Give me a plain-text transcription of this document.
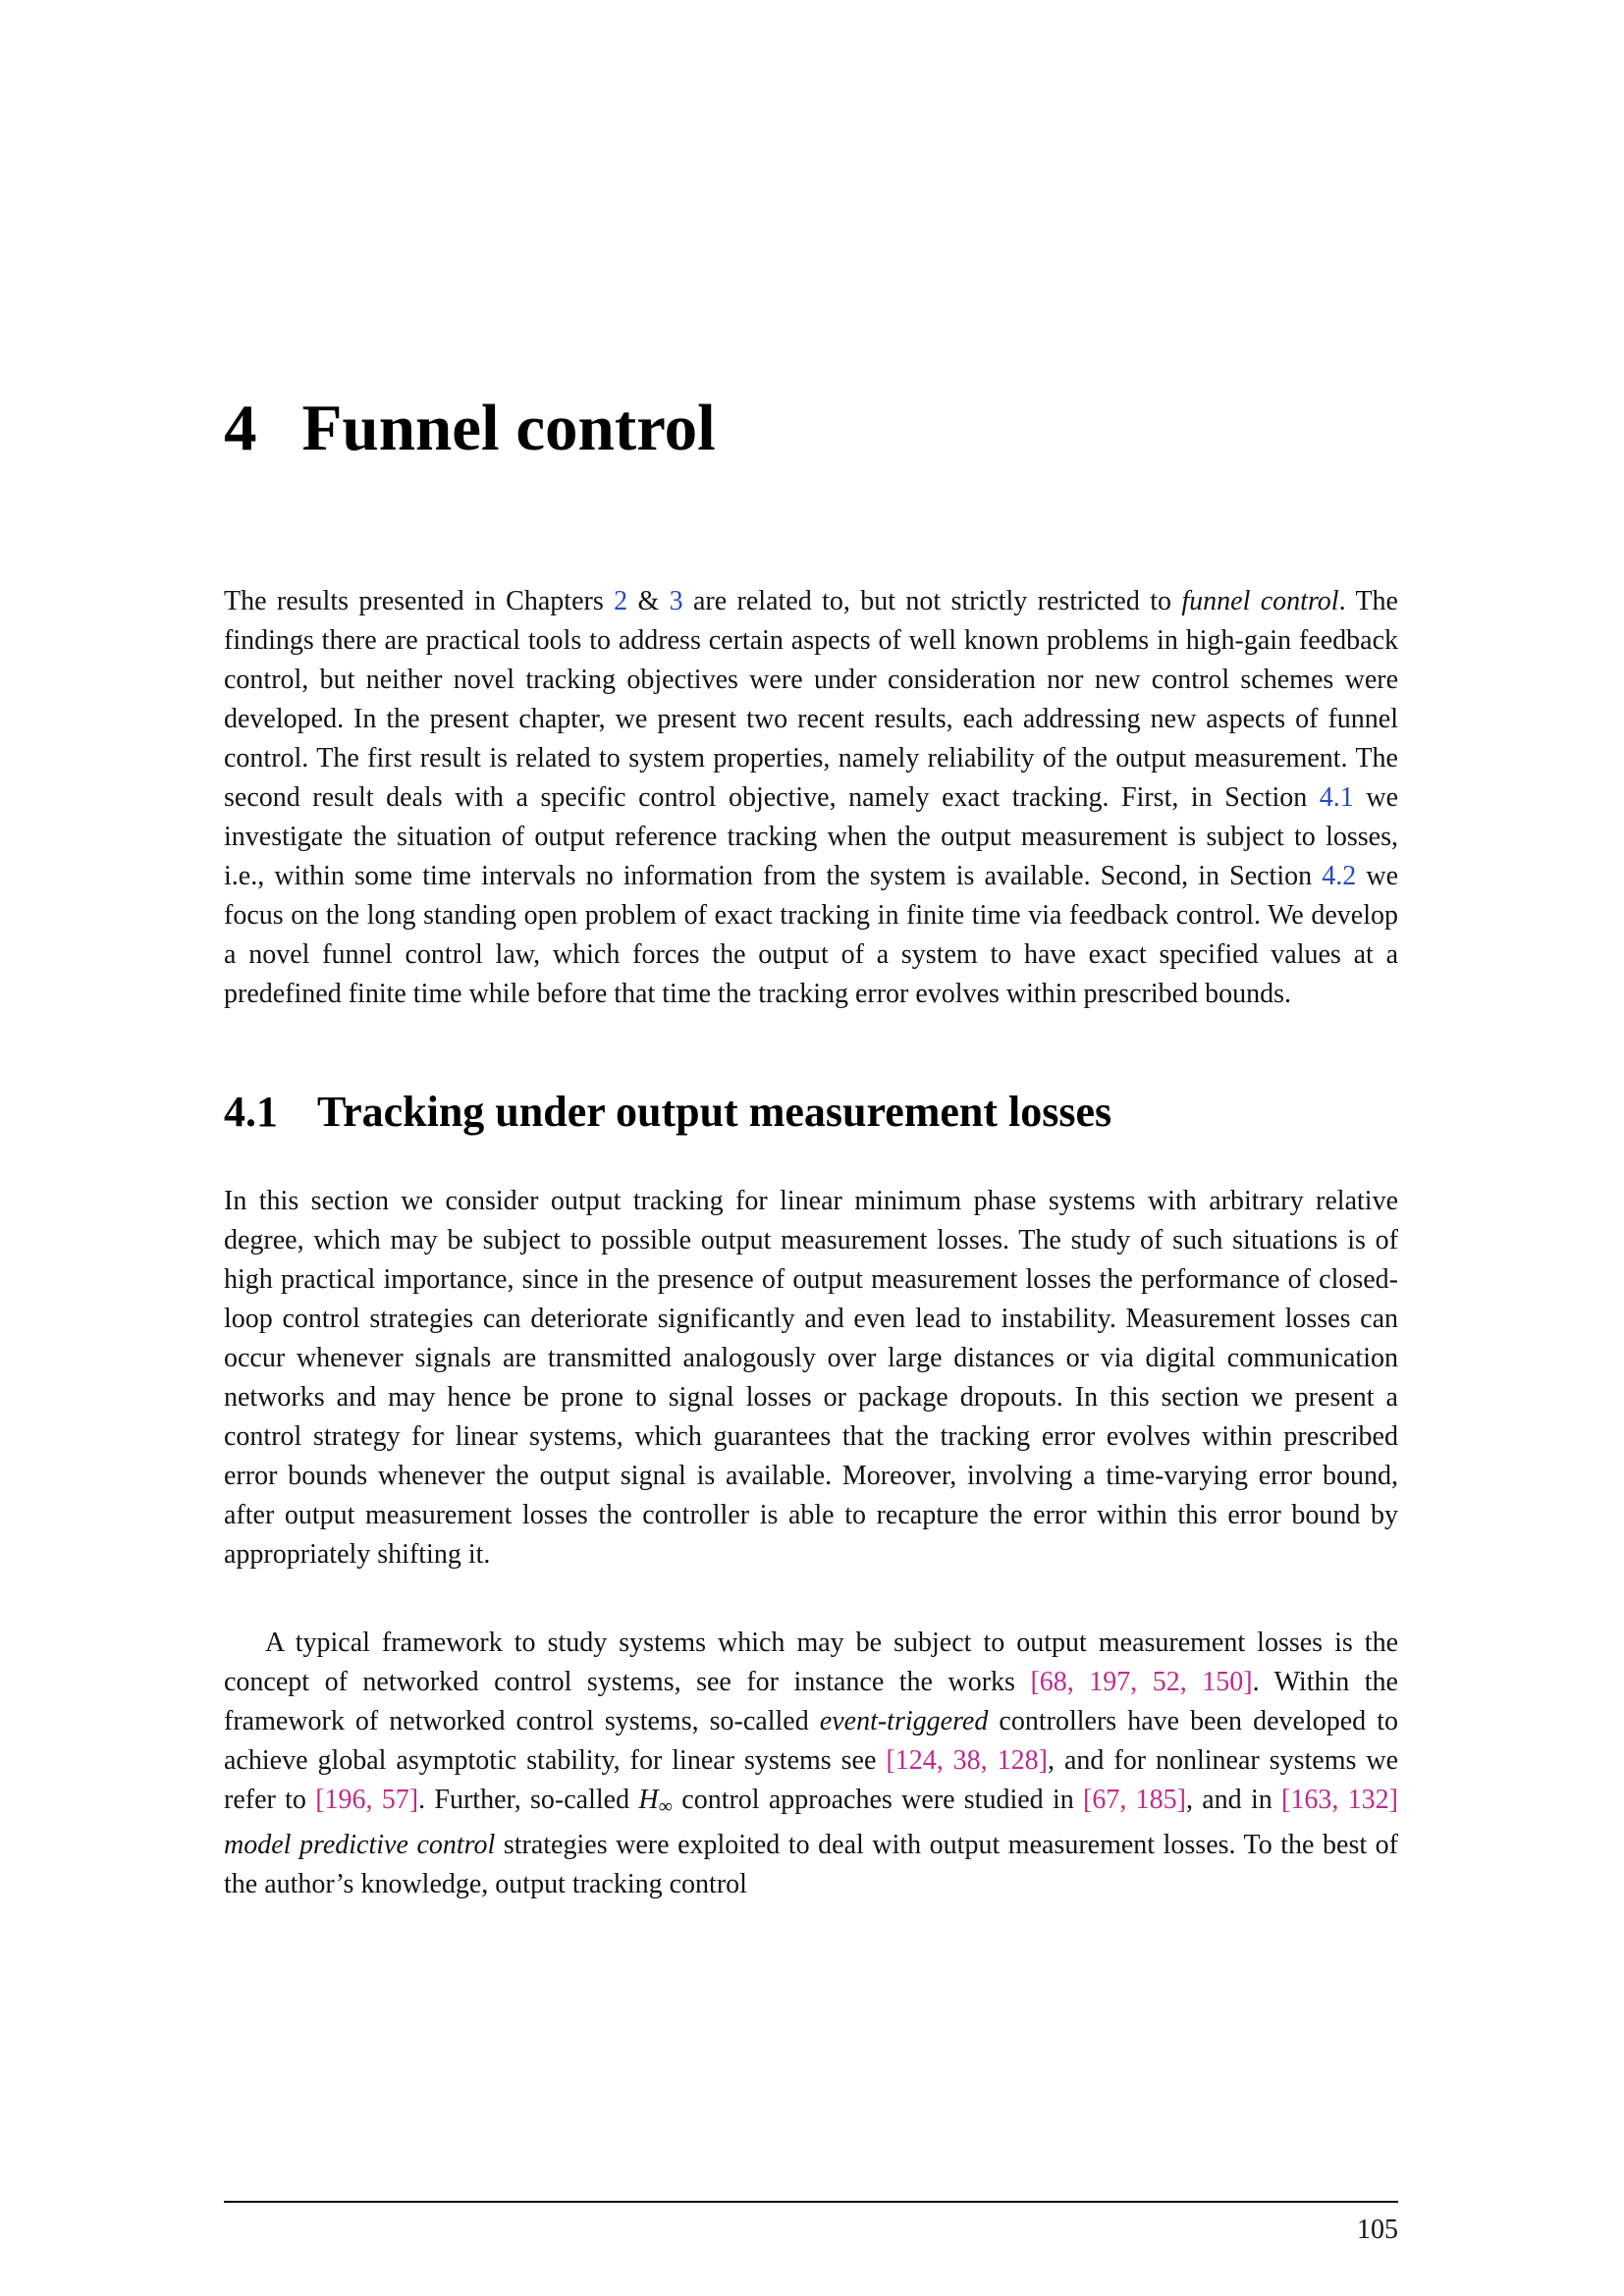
4 Funnel control

The results presented in Chapters 2 & 3 are related to, but not strictly restricted to funnel control. The findings there are practical tools to address certain aspects of well known problems in high-gain feedback control, but neither novel tracking objectives were under consideration nor new control schemes were developed. In the present chapter, we present two recent results, each addressing new aspects of funnel control. The first result is related to system properties, namely reliability of the output measurement. The second result deals with a specific control objective, namely exact tracking. First, in Section 4.1 we investigate the situation of output reference tracking when the output measurement is subject to losses, i.e., within some time intervals no information from the system is available. Second, in Section 4.2 we focus on the long standing open problem of exact tracking in finite time via feedback control. We develop a novel funnel control law, which forces the output of a system to have exact specified values at a predefined finite time while before that time the tracking error evolves within prescribed bounds.

4.1 Tracking under output measurement losses

In this section we consider output tracking for linear minimum phase systems with arbitrary relative degree, which may be subject to possible output measurement losses. The study of such situations is of high practical importance, since in the presence of output measurement losses the performance of closed-loop control strategies can deteriorate significantly and even lead to instability. Measurement losses can occur whenever signals are transmitted analogously over large distances or via digital communication networks and may hence be prone to signal losses or package dropouts. In this section we present a control strategy for linear systems, which guarantees that the tracking error evolves within prescribed error bounds whenever the output signal is available. Moreover, involving a time-varying error bound, after output measurement losses the controller is able to recapture the error within this error bound by appropriately shifting it.

A typical framework to study systems which may be subject to output measurement losses is the concept of networked control systems, see for instance the works [68, 197, 52, 150]. Within the framework of networked control systems, so-called event-triggered controllers have been developed to achieve global asymptotic stability, for linear systems see [124, 38, 128], and for nonlinear systems we refer to [196, 57]. Further, so-called H∞ control approaches were studied in [67, 185], and in [163, 132] model predictive control strategies were exploited to deal with output measurement losses. To the best of the author’s knowledge, output tracking control

105
